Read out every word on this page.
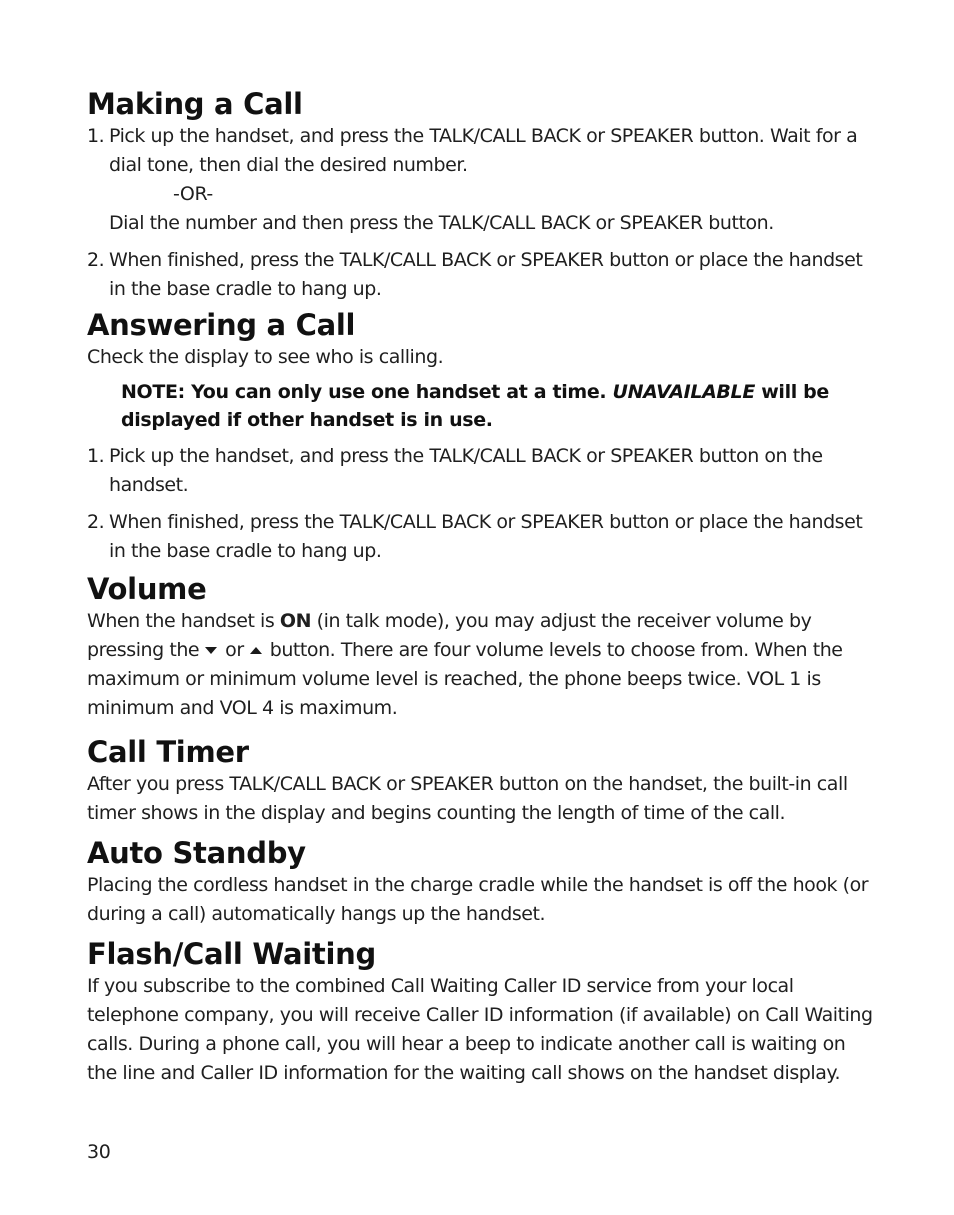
Making a Call
1. Pick up the handset, and press the TALK/CALL BACK or SPEAKER button. Wait for a dial tone, then dial the desired number.
-OR-
Dial the number and then press the TALK/CALL BACK or SPEAKER button.
2. When finished, press the TALK/CALL BACK or SPEAKER button or place the handset in the base cradle to hang up.
Answering a Call

Check the display to see who is calling.

NOTE: You can only use one handset at a time. UNAVAILABLE will be displayed if other handset is in use.
1. Pick up the handset, and press the TALK/CALL BACK or SPEAKER button on the handset.
2. When finished, press the TALK/CALL BACK or SPEAKER button or place the handset in the base cradle to hang up.
Volume

When the handset is ON (in talk mode), you may adjust the receiver volume by pressing the or button. There are four volume levels to choose from. When the maximum or minimum volume level is reached, the phone beeps twice. VOL 1 is minimum and VOL 4 is maximum.

Call Timer

After you press TALK/CALL BACK or SPEAKER button on the handset, the built-in call timer shows in the display and begins counting the length of time of the call.

Auto Standby

Placing the cordless handset in the charge cradle while the handset is off the hook (or during a call) automatically hangs up the handset.

Flash/Call Waiting

If you subscribe to the combined Call Waiting Caller ID service from your local telephone company, you will receive Caller ID information (if available) on Call Waiting calls. During a phone call, you will hear a beep to indicate another call is waiting on the line and Caller ID information for the waiting call shows on the handset display.

30
